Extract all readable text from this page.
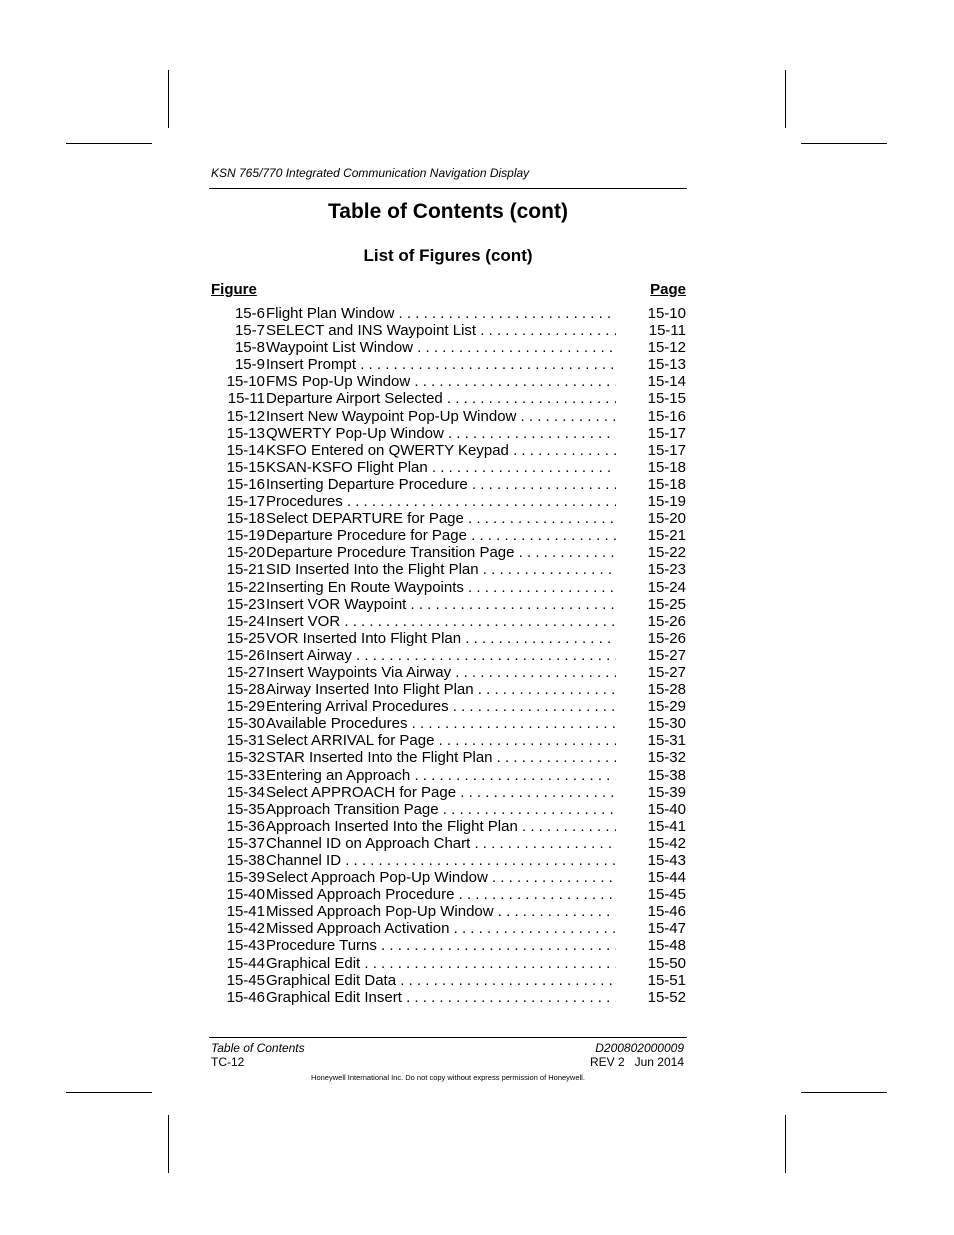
KSN 765/770 Integrated Communication Navigation Display
Table of Contents (cont)
List of Figures (cont)
Figure	Page
15-6 Flight Plan Window . . .	15-10
15-7 SELECT and INS Waypoint List . . .	15-11
15-8 Waypoint List Window . . .	15-12
15-9 Insert Prompt . . .	15-13
15-10 FMS Pop-Up Window . . .	15-14
15-11 Departure Airport Selected . . .	15-15
15-12 Insert New Waypoint Pop-Up Window . . .	15-16
15-13 QWERTY Pop-Up Window . . .	15-17
15-14 KSFO Entered on QWERTY Keypad . . .	15-17
15-15 KSAN-KSFO Flight Plan . . .	15-18
15-16 Inserting Departure Procedure . . .	15-18
15-17 Procedures . . .	15-19
15-18 Select DEPARTURE for Page . . .	15-20
15-19 Departure Procedure for Page . . .	15-21
15-20 Departure Procedure Transition Page . . .	15-22
15-21 SID Inserted Into the Flight Plan . . .	15-23
15-22 Inserting En Route Waypoints . . .	15-24
15-23 Insert VOR Waypoint . . .	15-25
15-24 Insert VOR . . .	15-26
15-25 VOR Inserted Into Flight Plan . . .	15-26
15-26 Insert Airway . . .	15-27
15-27 Insert Waypoints Via Airway . . .	15-27
15-28 Airway Inserted Into Flight Plan . . .	15-28
15-29 Entering Arrival Procedures . . .	15-29
15-30 Available Procedures . . .	15-30
15-31 Select ARRIVAL for Page . . .	15-31
15-32 STAR Inserted Into the Flight Plan . . .	15-32
15-33 Entering an Approach . . .	15-38
15-34 Select APPROACH for Page . . .	15-39
15-35 Approach Transition Page . . .	15-40
15-36 Approach Inserted Into the Flight Plan . . .	15-41
15-37 Channel ID on Approach Chart . . .	15-42
15-38 Channel ID . . .	15-43
15-39 Select Approach Pop-Up Window . . .	15-44
15-40 Missed Approach Procedure . . .	15-45
15-41 Missed Approach Pop-Up Window . . .	15-46
15-42 Missed Approach Activation . . .	15-47
15-43 Procedure Turns . . .	15-48
15-44 Graphical Edit . . .	15-50
15-45 Graphical Edit Data . . .	15-51
15-46 Graphical Edit Insert . . .	15-52
Table of Contents
TC-12
D200802000009
REV 2   Jun 2014
Honeywell International Inc. Do not copy without express permission of Honeywell.
